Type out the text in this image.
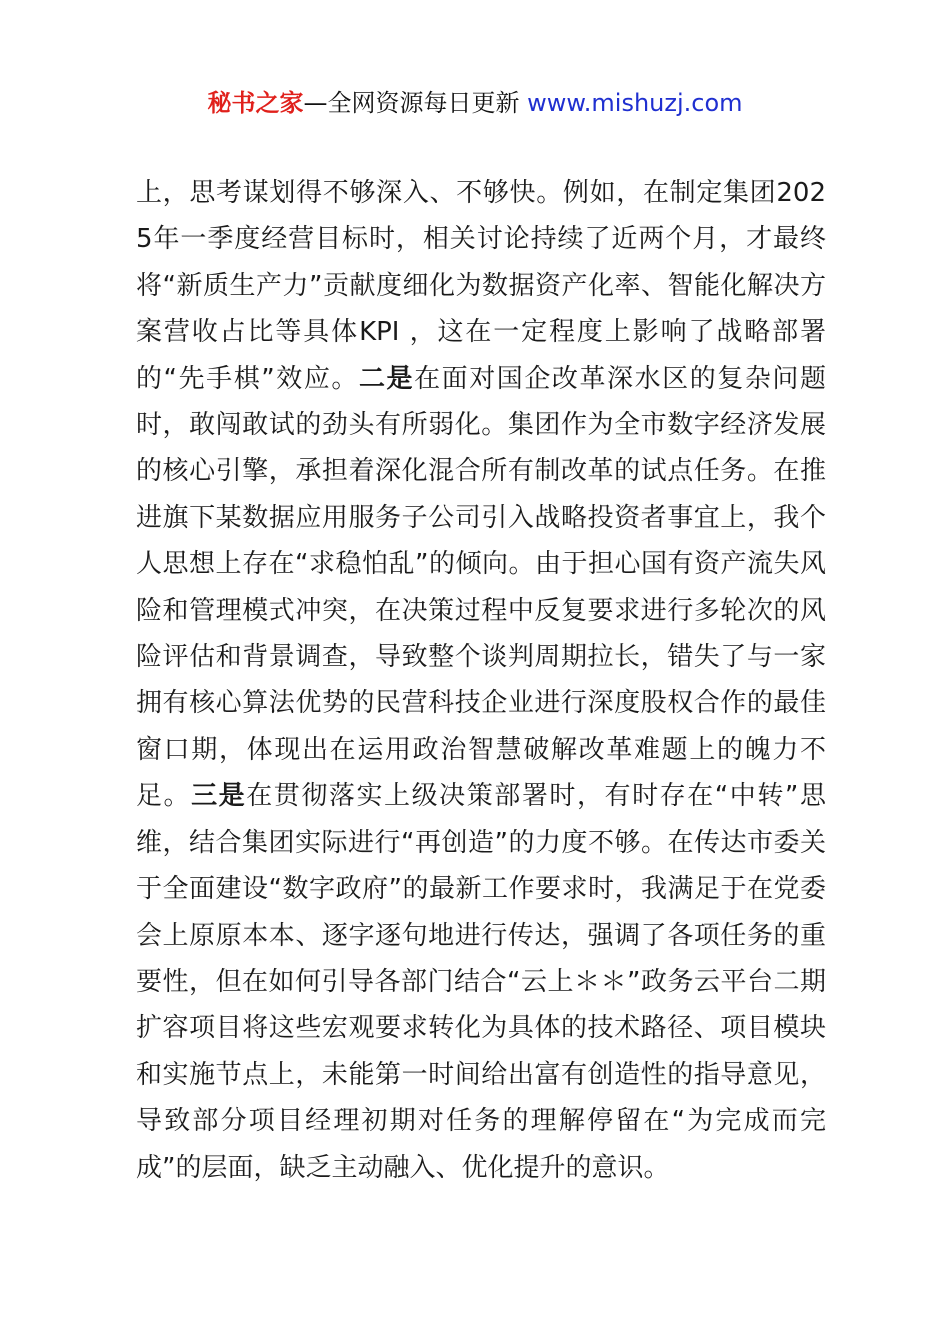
秘书之家—全网资源每日更新 www.mishuzj.com

上，思考谋划得不够深入、不够快。例如，在制定集团2025年一季度经营目标时，相关讨论持续了近两个月，才最终将“新质生产力”贡献度细化为数据资产化率、智能化解决方案营收占比等具体KPI ，这在一定程度上影响了战略部署的“先手棋”效应。二是在面对国企改革深水区的复杂问题时，敢闯敢试的劲头有所弱化。集团作为全市数字经济发展的核心引擎，承担着深化混合所有制改革的试点任务。在推进旗下某数据应用服务子公司引入战略投资者事宜上，我个人思想上存在“求稳怕乱”的倾向。由于担心国有资产流失风险和管理模式冲突，在决策过程中反复要求进行多轮次的风险评估和背景调查，导致整个谈判周期拉长，错失了与一家拥有核心算法优势的民营科技企业进行深度股权合作的最佳窗口期，体现出在运用政治智慧破解改革难题上的魄力不足。三是在贯彻落实上级决策部署时，有时存在“中转”思维，结合集团实际进行“再创造”的力度不够。在传达市委关于全面建设“数字政府”的最新工作要求时，我满足于在党委会上原原本本、逐字逐句地进行传达，强调了各项任务的重要性，但在如何引导各部门结合“云上＊＊”政务云平台二期扩容项目将这些宏观要求转化为具体的技术路径、项目模块和实施节点上，未能第一时间给出富有创造性的指导意见，导致部分项目经理初期对任务的理解停留在“为完成而完成”的层面，缺乏主动融入、优化提升的意识。
